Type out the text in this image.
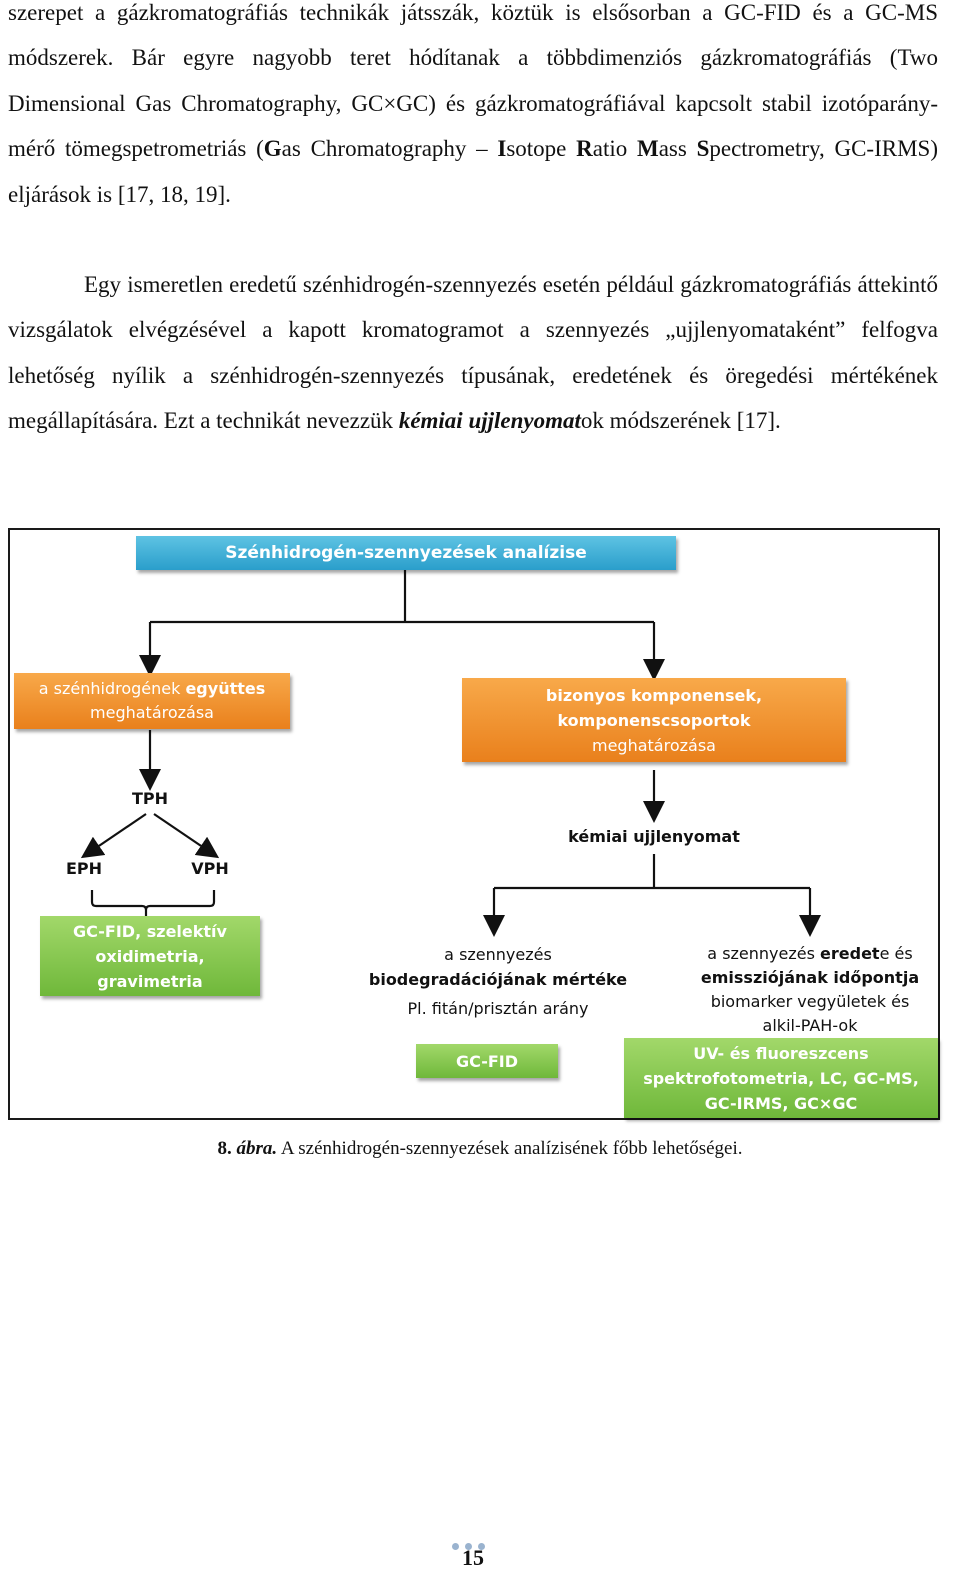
szerepet a gázkromatográfiás technikák játsszák, köztük is elsősorban a GC-FID és a GC-MS módszerek. Bár egyre nagyobb teret hódítanak a többdimenziós gázkromatográfiás (Two Dimensional Gas Chromatography, GC×GC) és gázkromatográfiával kapcsolt stabil izotóparány-mérő tömegspetrometriás (Gas Chromatography – Isotope Ratio Mass Spectrometry, GC-IRMS) eljárások is [17, 18, 19].

Egy ismeretlen eredetű szénhidrogén-szennyezés esetén például gázkromatográfiás áttekintő vizsgálatok elvégzésével a kapott kromatogramot a szennyezés „ujjlenyomataként” felfogva lehetőség nyílik a szénhidrogén-szennyezés típusának, eredetének és öregedési mértékének megállapítására. Ezt a technikát nevezzük kémiai ujjlenyomatok módszerének [17].

Szénhidrogén-szennyezések analízise
a szénhidrogének együttes
meghatározása
bizonyos komponensek,
komponenscsoportok
meghatározása
TPH
EPH	VPH
kémiai ujjlenyomat
GC-FID, szelektív
oxidimetria,
gravimetria
a szennyezés
biodegradációjának mértéke
Pl. fitán/prisztán arány
a szennyezés eredete és
emissziójának időpontja
biomarker vegyületek és
alkil-PAH-ok
GC-FID	UV- és fluoreszcens
spektrofotometria, LC, GC-MS,
GC-IRMS, GC×GC
8. ábra. A szénhidrogén-szennyezések analízisének főbb lehetőségei.
15
